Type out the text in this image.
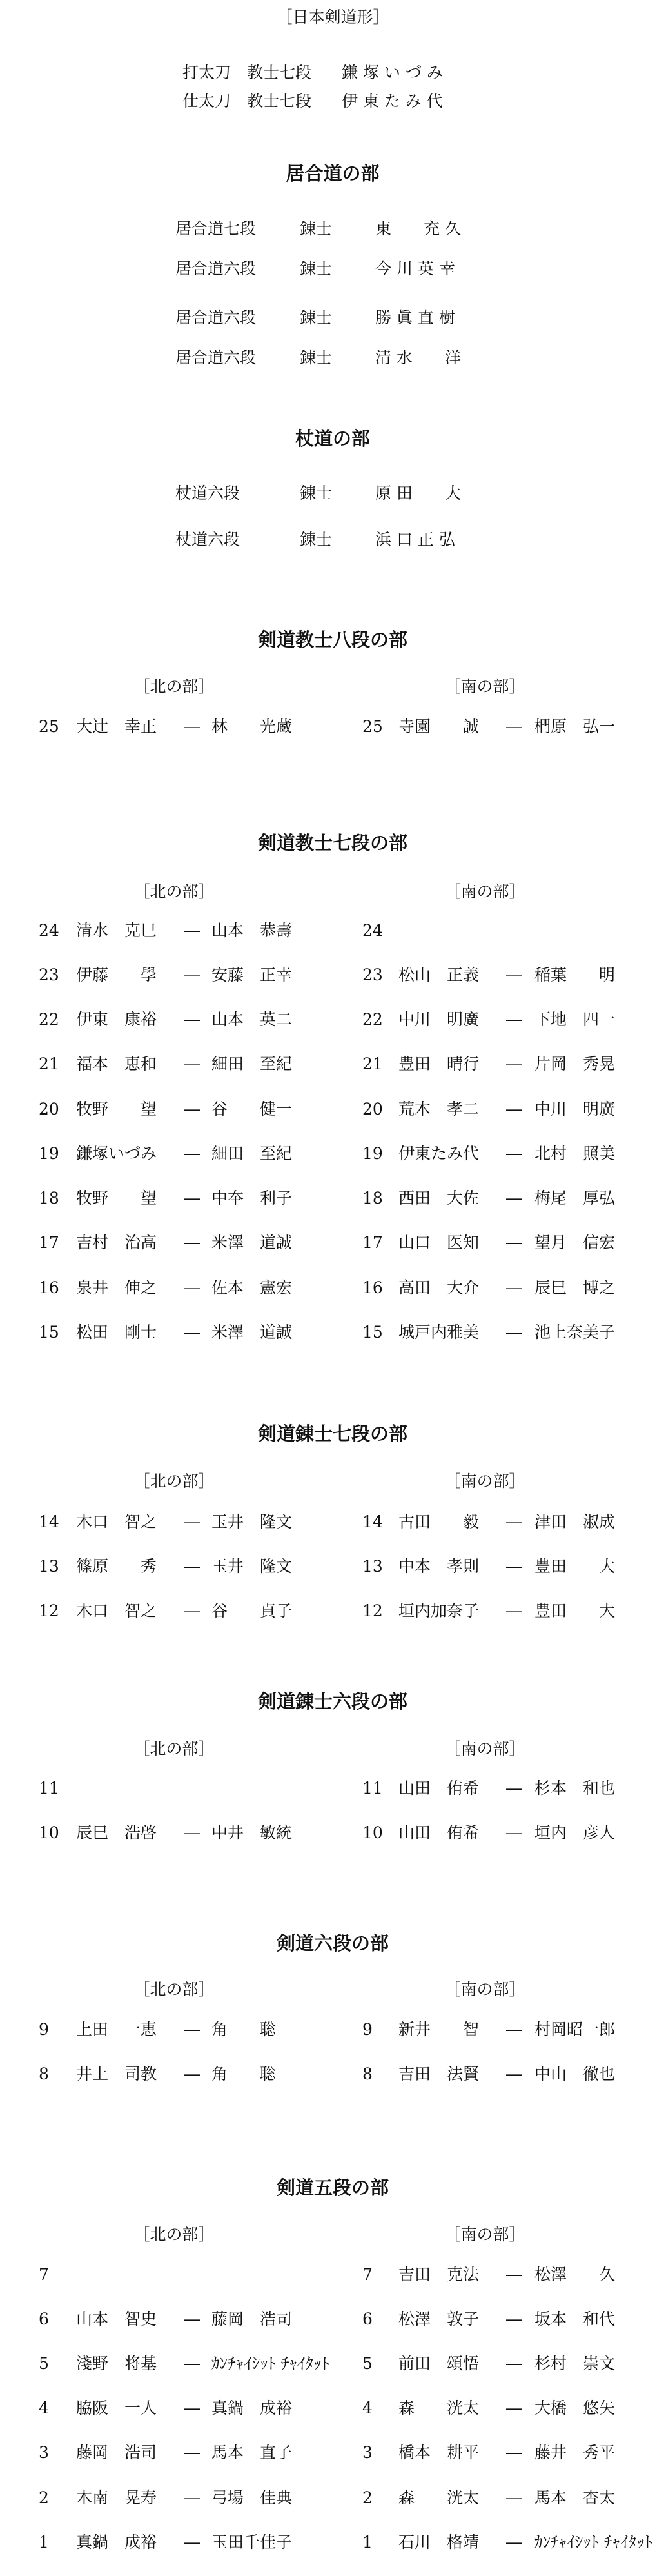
［日本剣道形］
打太刀 教士七段 鎌 塚 い づ み
仕太刀 教士七段 伊 東 た み 代
居合道の部
居合道七段	錬士	東　　充 久
居合道六段	錬士	今 川 英 幸
居合道六段	錬士	勝 眞 直 樹
居合道六段	錬士	清 水　　洋
杖道の部
杖道六段	錬士	原 田　　大
杖道六段	錬士	浜 口 正 弘
剣道教士八段の部
［北の部］
25 大辻　幸正 ― 林　　光蔵
［南の部］
25 寺園　　誠 ― 椚原　弘一
剣道教士七段の部
［北の部］
24 清水　克巳 ― 山本　恭壽
23 伊藤　　學 ― 安藤　正幸
22 伊東　康裕 ― 山本　英二
21 福本　恵和 ― 細田　至紀
20 牧野　　望 ― 谷　　健一
19 鎌塚いづみ ― 細田　至紀
18 牧野　　望 ― 中夲　利子
17 吉村　治高 ― 米澤　道誠
16 泉井　伸之 ― 佐本　憲宏
15 松田　剛士 ― 米澤　道誠
［南の部］
24
23 松山　正義 ― 稲葉　　明
22 中川　明廣 ― 下地　四一
21 豊田　晴行 ― 片岡　秀晃
20 荒木　孝二 ― 中川　明廣
19 伊東たみ代 ― 北村　照美
18 西田　大佐 ― 梅尾　厚弘
17 山口　医知 ― 望月　信宏
16 高田　大介 ― 辰巳　博之
15 城戸内雅美 ― 池上奈美子
剣道錬士七段の部
［北の部］
14 木口　智之 ― 玉井　隆文
13 篠原　　秀 ― 玉井　隆文
12 木口　智之 ― 谷　　貞子
［南の部］
14 古田　　毅 ― 津田　淑成
13 中本　孝則 ― 豊田　　大
12 垣内加奈子 ― 豊田　　大
剣道錬士六段の部
［北の部］
11
10 辰巳　浩啓 ― 中井　敏統
［南の部］
11 山田　侑希 ― 杉本　和也
10 山田　侑希 ― 垣内　彦人
剣道六段の部
［北の部］
9 上田　一恵 ― 角　　聡
8 井上　司教 ― 角　　聡
［南の部］
9 新井　　智 ― 村岡昭一郎
8 吉田　法賢 ― 中山　徹也
剣道五段の部
［北の部］
7
6 山本　智史 ― 藤岡　浩司
5 淺野　将基 ― ｶﾝﾁｬｲｼｯﾄ ﾁｬｲﾀｯﾄ
4 脇阪　一人 ― 真鍋　成裕
3 藤岡　浩司 ― 馬本　直子
2 木南　晃寿 ― 弓場　佳典
1 真鍋　成裕 ― 玉田千佳子
［南の部］
7 吉田　克法 ― 松澤　　久
6 松澤　敦子 ― 坂本　和代
5 前田　頌悟 ― 杉村　崇文
4 森　　洸太 ― 大橋　悠矢
3 橋本　耕平 ― 藤井　秀平
2 森　　洸太 ― 馬本　杏太
1 石川　格靖 ― ｶﾝﾁｬｲｼｯﾄ ﾁｬｲﾀｯﾄ
